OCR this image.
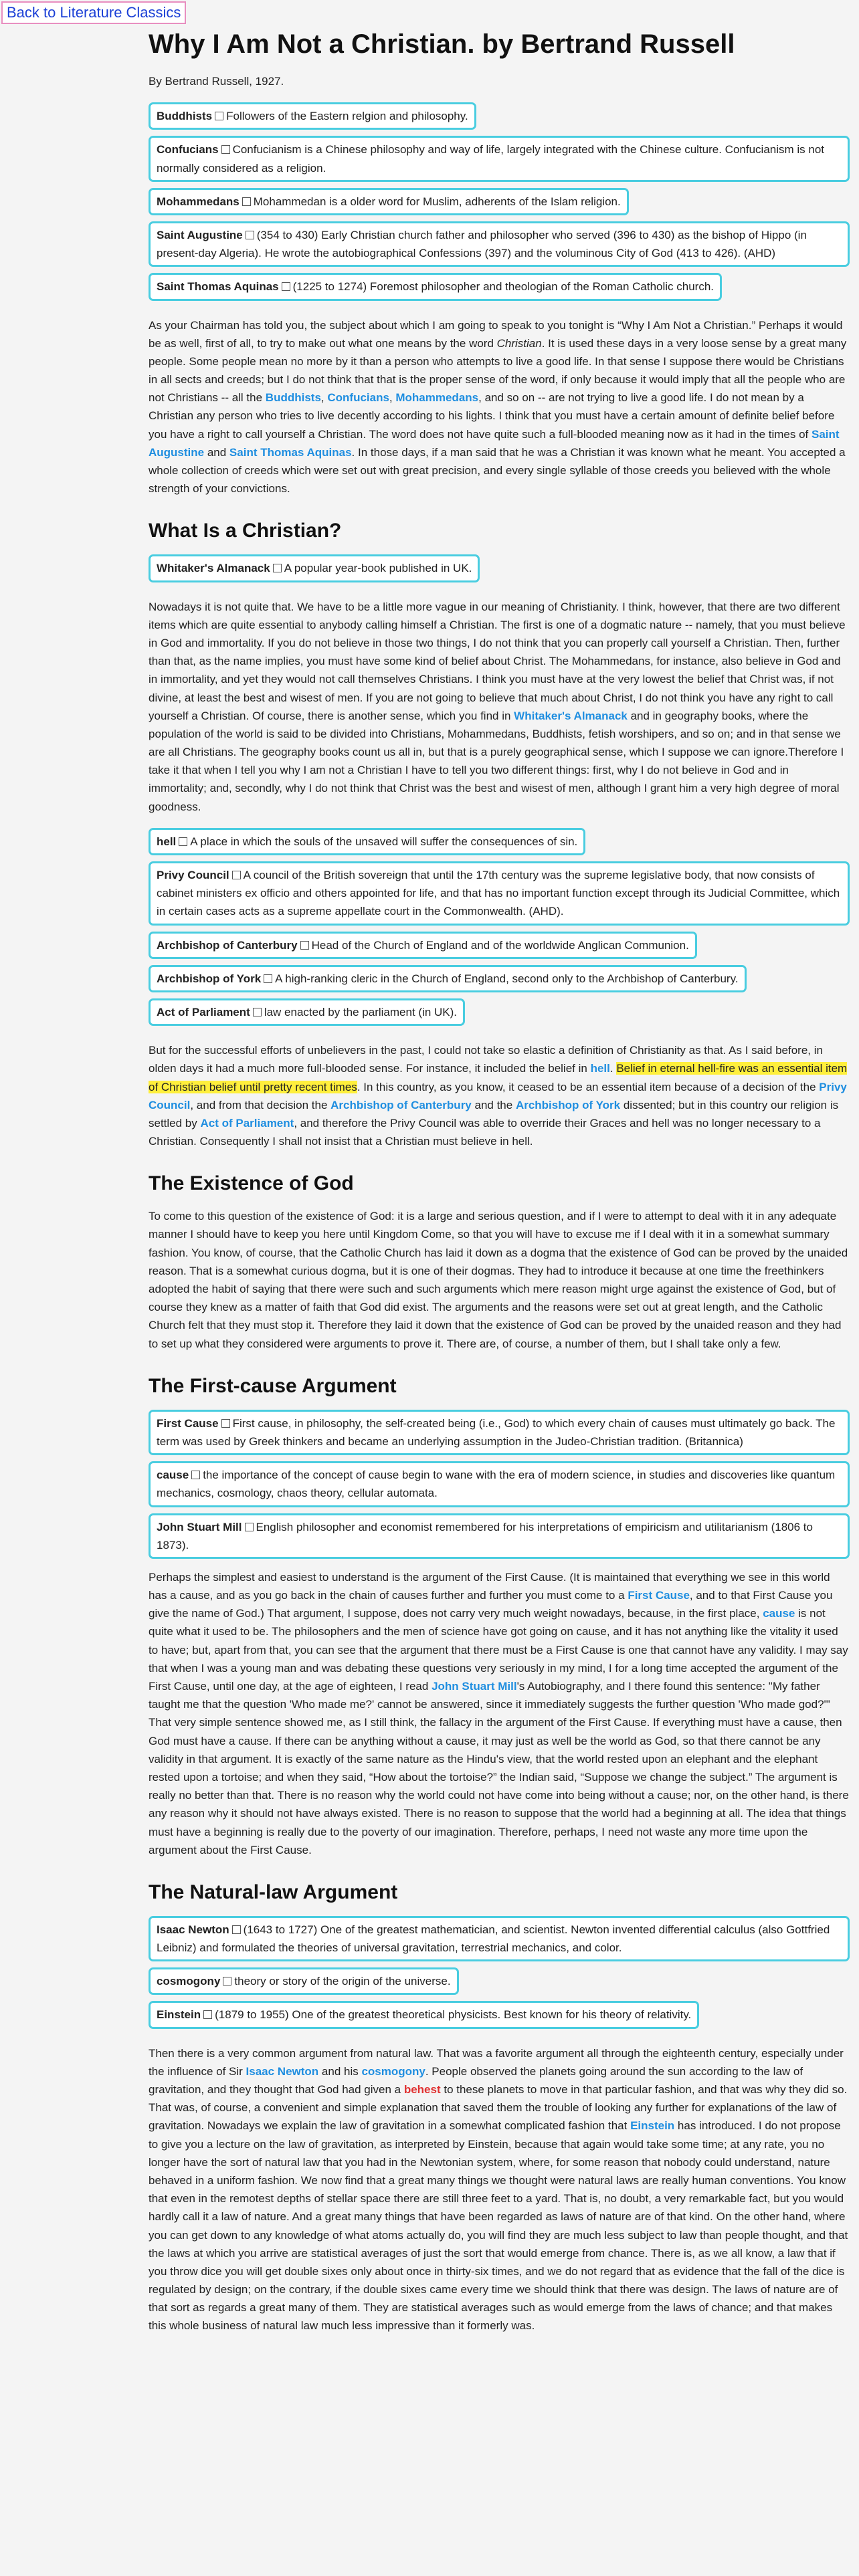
Back to Literature Classics
Why I Am Not a Christian. by Bertrand Russell
By Bertrand Russell, 1927.
Buddhists Followers of the Eastern relgion and philosophy.
Confucians Confucianism is a Chinese philosophy and way of life, largely integrated with the Chinese culture. Confucianism is not normally considered as a religion.
Mohammedans Mohammedan is a older word for Muslim, adherents of the Islam religion.
Saint Augustine (354 to 430) Early Christian church father and philosopher who served (396 to 430) as the bishop of Hippo (in present-day Algeria). He wrote the autobiographical Confessions (397) and the voluminous City of God (413 to 426). (AHD)
Saint Thomas Aquinas (1225 to 1274) Foremost philosopher and theologian of the Roman Catholic church.

As your Chairman has told you, the subject about which I am going to speak to you tonight is “Why I Am Not a Christian.” Perhaps it would be as well, first of all, to try to make out what one means by the word Christian. It is used these days in a very loose sense by a great many people. Some people mean no more by it than a person who attempts to live a good life. In that sense I suppose there would be Christians in all sects and creeds; but I do not think that that is the proper sense of the word, if only because it would imply that all the people who are not Christians -- all the Buddhists, Confucians, Mohammedans, and so on -- are not trying to live a good life. I do not mean by a Christian any person who tries to live decently according to his lights. I think that you must have a certain amount of definite belief before you have a right to call yourself a Christian. The word does not have quite such a full-blooded meaning now as it had in the times of Saint Augustine and Saint Thomas Aquinas. In those days, if a man said that he was a Christian it was known what he meant. You accepted a whole collection of creeds which were set out with great precision, and every single syllable of those creeds you believed with the whole strength of your convictions.

What Is a Christian?
Whitaker's Almanack A popular year-book published in UK.

Nowadays it is not quite that. We have to be a little more vague in our meaning of Christianity. I think, however, that there are two different items which are quite essential to anybody calling himself a Christian. The first is one of a dogmatic nature -- namely, that you must believe in God and immortality. If you do not believe in those two things, I do not think that you can properly call yourself a Christian. Then, further than that, as the name implies, you must have some kind of belief about Christ. The Mohammedans, for instance, also believe in God and in immortality, and yet they would not call themselves Christians. I think you must have at the very lowest the belief that Christ was, if not divine, at least the best and wisest of men. If you are not going to believe that much about Christ, I do not think you have any right to call yourself a Christian. Of course, there is another sense, which you find in Whitaker's Almanack and in geography books, where the population of the world is said to be divided into Christians, Mohammedans, Buddhists, fetish worshipers, and so on; and in that sense we are all Christians. The geography books count us all in, but that is a purely geographical sense, which I suppose we can ignore.Therefore I take it that when I tell you why I am not a Christian I have to tell you two different things: first, why I do not believe in God and in immortality; and, secondly, why I do not think that Christ was the best and wisest of men, although I grant him a very high degree of moral goodness.

hell A place in which the souls of the unsaved will suffer the consequences of sin.
Privy Council A council of the British sovereign that until the 17th century was the supreme legislative body, that now consists of cabinet ministers ex officio and others appointed for life, and that has no important function except through its Judicial Committee, which in certain cases acts as a supreme appellate court in the Commonwealth. (AHD).
Archbishop of Canterbury Head of the Church of England and of the worldwide Anglican Communion.
Archbishop of York A high-ranking cleric in the Church of England, second only to the Archbishop of Canterbury.
Act of Parliament law enacted by the parliament (in UK).

But for the successful efforts of unbelievers in the past, I could not take so elastic a definition of Christianity as that. As I said before, in olden days it had a much more full-blooded sense. For instance, it included the belief in hell. Belief in eternal hell-fire was an essential item of Christian belief until pretty recent times. In this country, as you know, it ceased to be an essential item because of a decision of the Privy Council, and from that decision the Archbishop of Canterbury and the Archbishop of York dissented; but in this country our religion is settled by Act of Parliament, and therefore the Privy Council was able to override their Graces and hell was no longer necessary to a Christian. Consequently I shall not insist that a Christian must believe in hell.

The Existence of God

To come to this question of the existence of God: it is a large and serious question, and if I were to attempt to deal with it in any adequate manner I should have to keep you here until Kingdom Come, so that you will have to excuse me if I deal with it in a somewhat summary fashion. You know, of course, that the Catholic Church has laid it down as a dogma that the existence of God can be proved by the unaided reason. That is a somewhat curious dogma, but it is one of their dogmas. They had to introduce it because at one time the freethinkers adopted the habit of saying that there were such and such arguments which mere reason might urge against the existence of God, but of course they knew as a matter of faith that God did exist. The arguments and the reasons were set out at great length, and the Catholic Church felt that they must stop it. Therefore they laid it down that the existence of God can be proved by the unaided reason and they had to set up what they considered were arguments to prove it. There are, of course, a number of them, but I shall take only a few.

The First-cause Argument
First Cause First cause, in philosophy, the self-created being (i.e., God) to which every chain of causes must ultimately go back. The term was used by Greek thinkers and became an underlying assumption in the Judeo-Christian tradition. (Britannica)
cause the importance of the concept of cause begin to wane with the era of modern science, in studies and discoveries like quantum mechanics, cosmology, chaos theory, cellular automata.
John Stuart Mill English philosopher and economist remembered for his interpretations of empiricism and utilitarianism (1806 to 1873).

Perhaps the simplest and easiest to understand is the argument of the First Cause. (It is maintained that everything we see in this world has a cause, and as you go back in the chain of causes further and further you must come to a First Cause, and to that First Cause you give the name of God.) That argument, I suppose, does not carry very much weight nowadays, because, in the first place, cause is not quite what it used to be. The philosophers and the men of science have got going on cause, and it has not anything like the vitality it used to have; but, apart from that, you can see that the argument that there must be a First Cause is one that cannot have any validity. I may say that when I was a young man and was debating these questions very seriously in my mind, I for a long time accepted the argument of the First Cause, until one day, at the age of eighteen, I read John Stuart Mill's Autobiography, and I there found this sentence: "My father taught me that the question 'Who made me?' cannot be answered, since it immediately suggests the further question 'Who made god?'" That very simple sentence showed me, as I still think, the fallacy in the argument of the First Cause. If everything must have a cause, then God must have a cause. If there can be anything without a cause, it may just as well be the world as God, so that there cannot be any validity in that argument. It is exactly of the same nature as the Hindu's view, that the world rested upon an elephant and the elephant rested upon a tortoise; and when they said, “How about the tortoise?” the Indian said, “Suppose we change the subject.” The argument is really no better than that. There is no reason why the world could not have come into being without a cause; nor, on the other hand, is there any reason why it should not have always existed. There is no reason to suppose that the world had a beginning at all. The idea that things must have a beginning is really due to the poverty of our imagination. Therefore, perhaps, I need not waste any more time upon the argument about the First Cause.

The Natural-law Argument
Isaac Newton (1643 to 1727) One of the greatest mathematician, and scientist. Newton invented differential calculus (also Gottfried Leibniz) and formulated the theories of universal gravitation, terrestrial mechanics, and color.
cosmogony theory or story of the origin of the universe.
Einstein (1879 to 1955) One of the greatest theoretical physicists. Best known for his theory of relativity.

Then there is a very common argument from natural law. That was a favorite argument all through the eighteenth century, especially under the influence of Sir Isaac Newton and his cosmogony. People observed the planets going around the sun according to the law of gravitation, and they thought that God had given a behest to these planets to move in that particular fashion, and that was why they did so. That was, of course, a convenient and simple explanation that saved them the trouble of looking any further for explanations of the law of gravitation. Nowadays we explain the law of gravitation in a somewhat complicated fashion that Einstein has introduced. I do not propose to give you a lecture on the law of gravitation, as interpreted by Einstein, because that again would take some time; at any rate, you no longer have the sort of natural law that you had in the Newtonian system, where, for some reason that nobody could understand, nature behaved in a uniform fashion. We now find that a great many things we thought were natural laws are really human conventions. You know that even in the remotest depths of stellar space there are still three feet to a yard. That is, no doubt, a very remarkable fact, but you would hardly call it a law of nature. And a great many things that have been regarded as laws of nature are of that kind. On the other hand, where you can get down to any knowledge of what atoms actually do, you will find they are much less subject to law than people thought, and that the laws at which you arrive are statistical averages of just the sort that would emerge from chance. There is, as we all know, a law that if you throw dice you will get double sixes only about once in thirty-six times, and we do not regard that as evidence that the fall of the dice is regulated by design; on the contrary, if the double sixes came every time we should think that there was design. The laws of nature are of that sort as regards a great many of them. They are statistical averages such as would emerge from the laws of chance; and that makes this whole business of natural law much less impressive than it formerly was.
